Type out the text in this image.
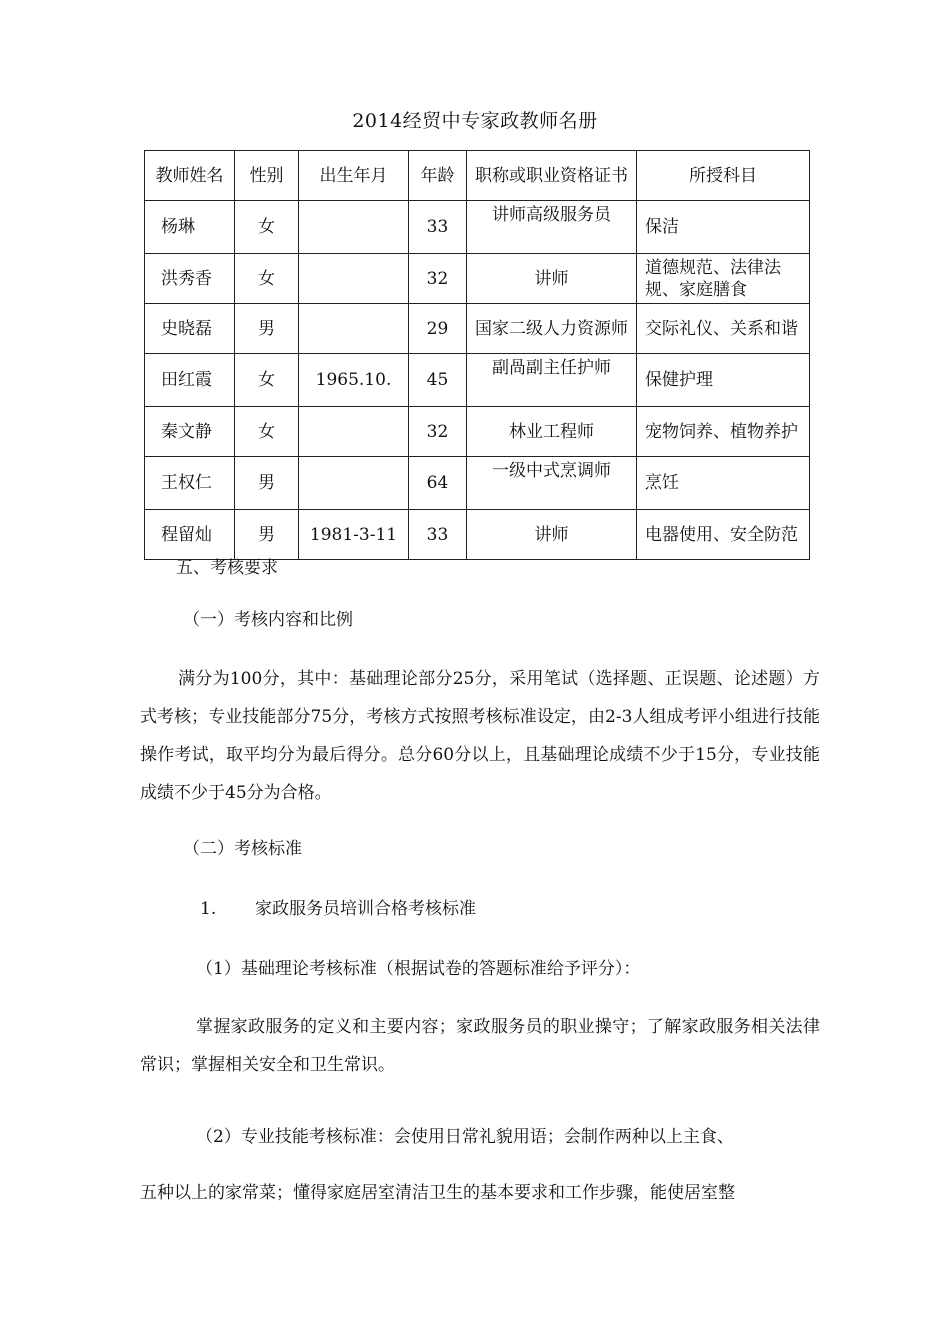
2014经贸中专家政教师名册
教师姓名	性别	出生年月	年龄	职称或职业资格证书	所授科目
杨琳	女		33	讲师高级服务员	保洁
洪秀香	女		32	讲师	道德规范、法律法规、家庭膳食
史晓磊	男		29	国家二级人力资源师	交际礼仪、关系和谐
田红霞	女	1965.10.	45	副咼副主任护师	保健护理
秦文静	女		32	林业工程师	宠物饲养、植物养护
王权仁	男		64	一级中式烹调师	烹饪
程留灿	男	1981-3-11	33	讲师	电器使用、安全防范
五、考核要求
（一）考核内容和比例
满分为100分，其中：基础理论部分25分，采用笔试（选择题、正误题、论述题）方式考核；专业技能部分75分，考核方式按照考核标准设定，由2-3人组成考评小组进行技能操作考试，取平均分为最后得分。总分60分以上，且基础理论成绩不少于15分，专业技能成绩不少于45分为合格。
（二）考核标准
1. 家政服务员培训合格考核标准
（1）基础理论考核标准（根据试卷的答题标准给予评分）：
掌握家政服务的定义和主要内容；家政服务员的职业操守；了解家政服务相关法律常识；掌握相关安全和卫生常识。
（2）专业技能考核标准：会使用日常礼貌用语；会制作两种以上主食、
五种以上的家常菜；懂得家庭居室清洁卫生的基本要求和工作步骤，能使居室整
